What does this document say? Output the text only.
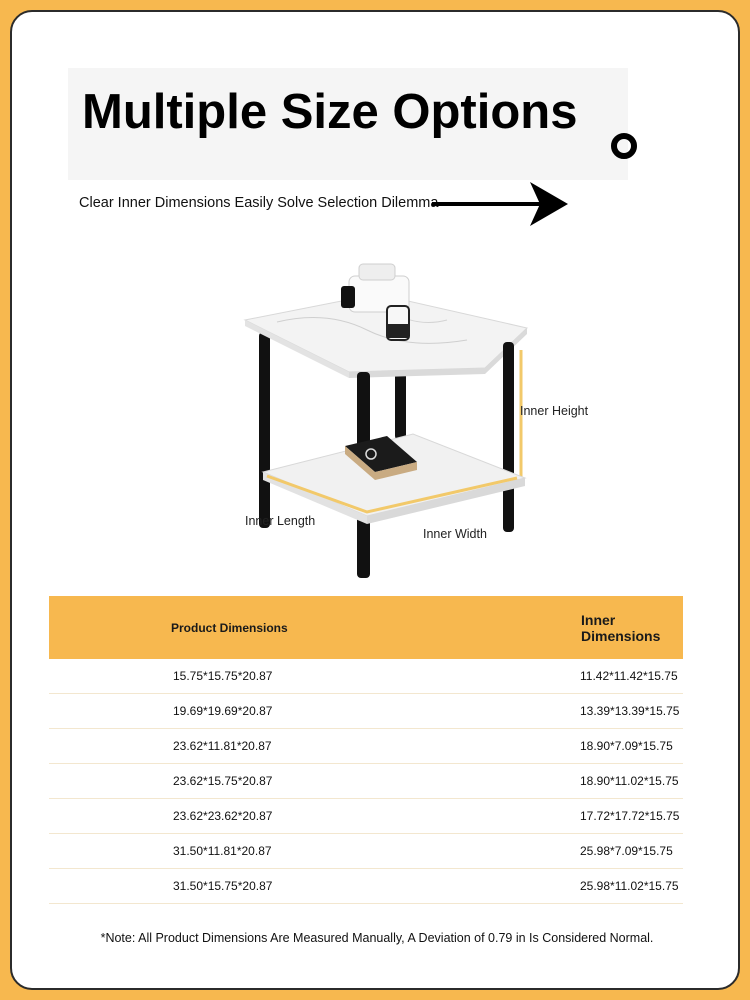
Multiple Size Options

Clear Inner Dimensions Easily Solve Selection Dilemma

Inner Height
Inner Length
Inner Width
Product Dimensions	Inner Dimensions
15.75*15.75*20.87	11.42*11.42*15.75
19.69*19.69*20.87	13.39*13.39*15.75
23.62*11.81*20.87	18.90*7.09*15.75
23.62*15.75*20.87	18.90*11.02*15.75
23.62*23.62*20.87	17.72*17.72*15.75
31.50*11.81*20.87	25.98*7.09*15.75
31.50*15.75*20.87	25.98*11.02*15.75

*Note: All Product Dimensions Are Measured Manually, A Deviation of 0.79 in Is Considered Normal.
